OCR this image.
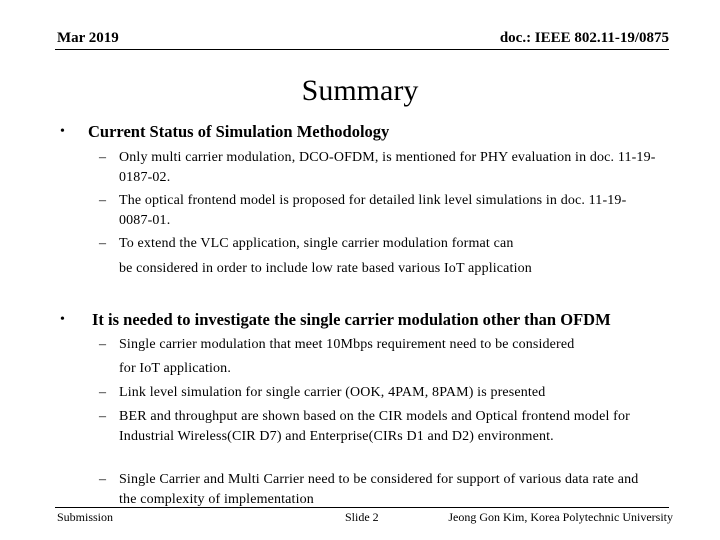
Mar 2019	doc.: IEEE 802.11-19/0875
Summary
• Current Status of Simulation Methodology
– Only multi carrier modulation, DCO-OFDM, is mentioned for PHY evaluation in doc. 11-19-0187-02.
– The optical frontend model is proposed for detailed link level simulations in doc. 11-19-0087-01.
– To extend the VLC application, single carrier modulation format can
be considered in order to include low rate based various IoT application
• It is needed to investigate the single carrier modulation other than OFDM
– Single carrier modulation that meet 10Mbps requirement need to be considered
for IoT application.
– Link level simulation for single carrier (OOK, 4PAM, 8PAM) is presented
– BER and throughput are shown based on the CIR models and Optical frontend model for Industrial Wireless(CIR D7) and Enterprise(CIRs D1 and D2) environment.
– Single Carrier and Multi Carrier need to be considered for support of various data rate and the complexity of implementation
Submission	Slide 2	Jeong Gon Kim, Korea Polytechnic University
